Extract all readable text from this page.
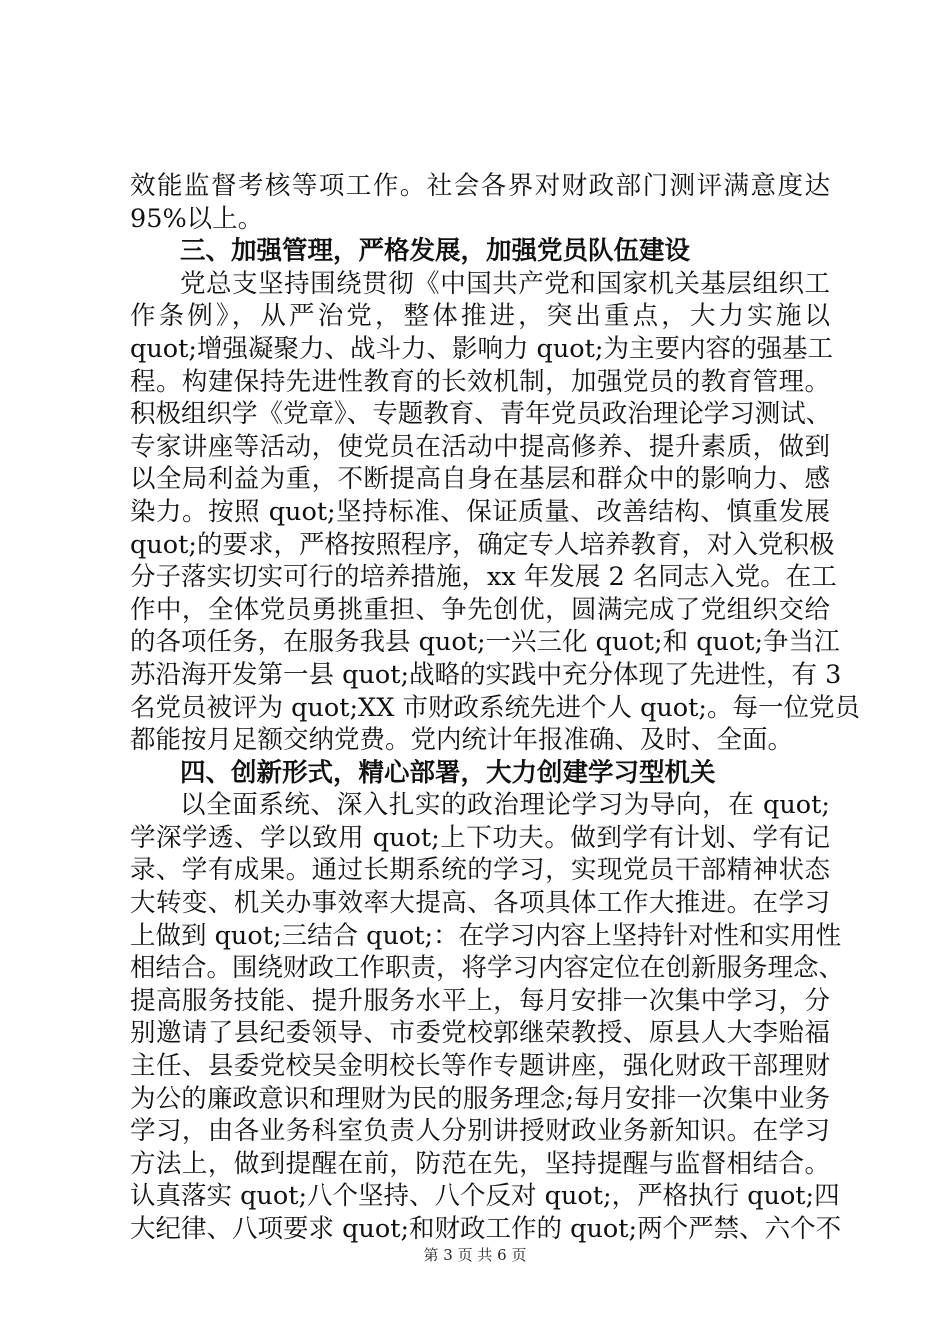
效能监督考核等项工作。社会各界对财政部门测评满意度达
95%以上。
三、加强管理，严格发展，加强党员队伍建设
党总支坚持围绕贯彻《中国共产党和国家机关基层组织工
作条例》，从严治党，整体推进，突出重点，大力实施以
quot;增强凝聚力、战斗力、影响力 quot;为主要内容的强基工
程。构建保持先进性教育的长效机制，加强党员的教育管理。
积极组织学《党章》、专题教育、青年党员政治理论学习测试、
专家讲座等活动，使党员在活动中提高修养、提升素质，做到
以全局利益为重，不断提高自身在基层和群众中的影响力、感
染力。按照 quot;坚持标准、保证质量、改善结构、慎重发展
quot;的要求，严格按照程序，确定专人培养教育，对入党积极
分子落实切实可行的培养措施，xx 年发展 2 名同志入党。在工
作中，全体党员勇挑重担、争先创优，圆满完成了党组织交给
的各项任务，在服务我县 quot;一兴三化 quot;和 quot;争当江
苏沿海开发第一县 quot;战略的实践中充分体现了先进性，有 3
名党员被评为 quot;XX 市财政系统先进个人 quot;。每一位党员
都能按月足额交纳党费。党内统计年报准确、及时、全面。
四、创新形式，精心部署，大力创建学习型机关
以全面系统、深入扎实的政治理论学习为导向，在 quot;
学深学透、学以致用 quot;上下功夫。做到学有计划、学有记
录、学有成果。通过长期系统的学习，实现党员干部精神状态
大转变、机关办事效率大提高、各项具体工作大推进。在学习
上做到 quot;三结合 quot;：在学习内容上坚持针对性和实用性
相结合。围绕财政工作职责，将学习内容定位在创新服务理念、
提高服务技能、提升服务水平上，每月安排一次集中学习，分
别邀请了县纪委领导、市委党校郭继荣教授、原县人大李贻福
主任、县委党校吴金明校长等作专题讲座，强化财政干部理财
为公的廉政意识和理财为民的服务理念;每月安排一次集中业务
学习，由各业务科室负责人分别讲授财政业务新知识。在学习
方法上，做到提醒在前，防范在先，坚持提醒与监督相结合。
认真落实 quot;八个坚持、八个反对 quot;，严格执行 quot;四
大纪律、八项要求 quot;和财政工作的 quot;两个严禁、六个不
第 3 页 共 6 页
